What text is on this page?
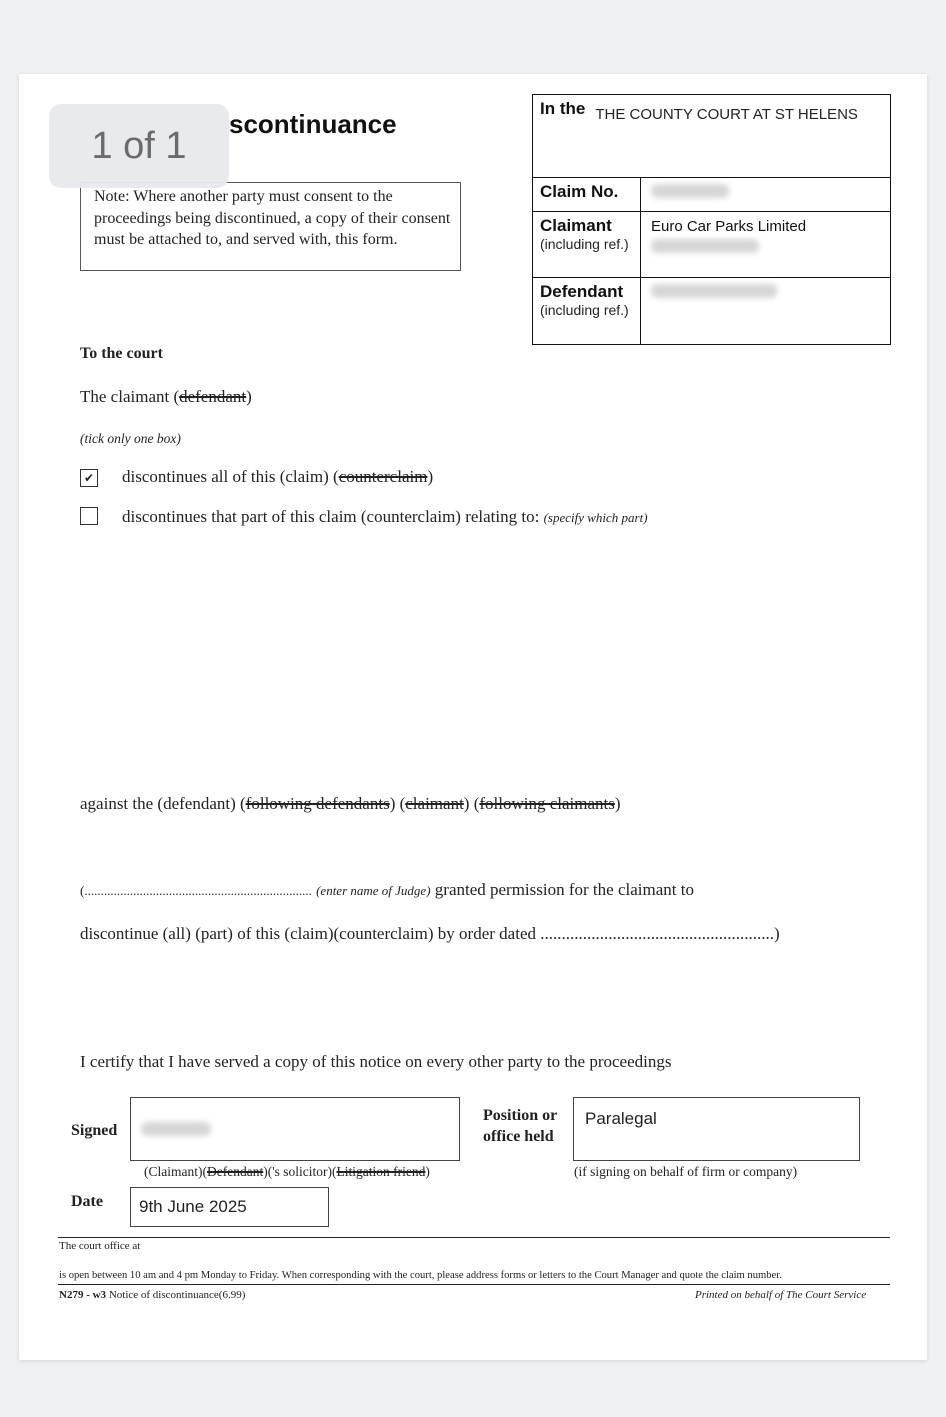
scontinuance
Note: Where another party must consent to the proceedings being discontinued, a copy of their consent must be attached to, and served with, this form.
1 of 1
In the THE COUNTY COURT AT ST HELENS
Claim No.
Claimant
(including ref.)
Euro Car Parks Limited
Defendant
(including ref.)
To the court
The claimant (defendant)
(tick only one box)
✔ discontinues all of this (claim) (counterclaim)
discontinues that part of this claim (counterclaim) relating to: (specify which part)
against the (defendant) (following defendants) (claimant) (following claimants)
(...................................................................... (enter name of Judge) granted permission for the claimant to
discontinue (all) (part) of this (claim)(counterclaim) by order dated .......................................................)
I certify that I have served a copy of this notice on every other party to the proceedings
Signed
(Claimant)(Defendant)('s solicitor)(Litigation friend)
Position or
office held
Paralegal
(if signing on behalf of firm or company)
Date	9th June 2025
The court office at
is open between 10 am and 4 pm Monday to Friday. When corresponding with the court, please address forms or letters to the Court Manager and quote the claim number.
N279 - w3 Notice of discontinuance(6.99)	Printed on behalf of The Court Service
